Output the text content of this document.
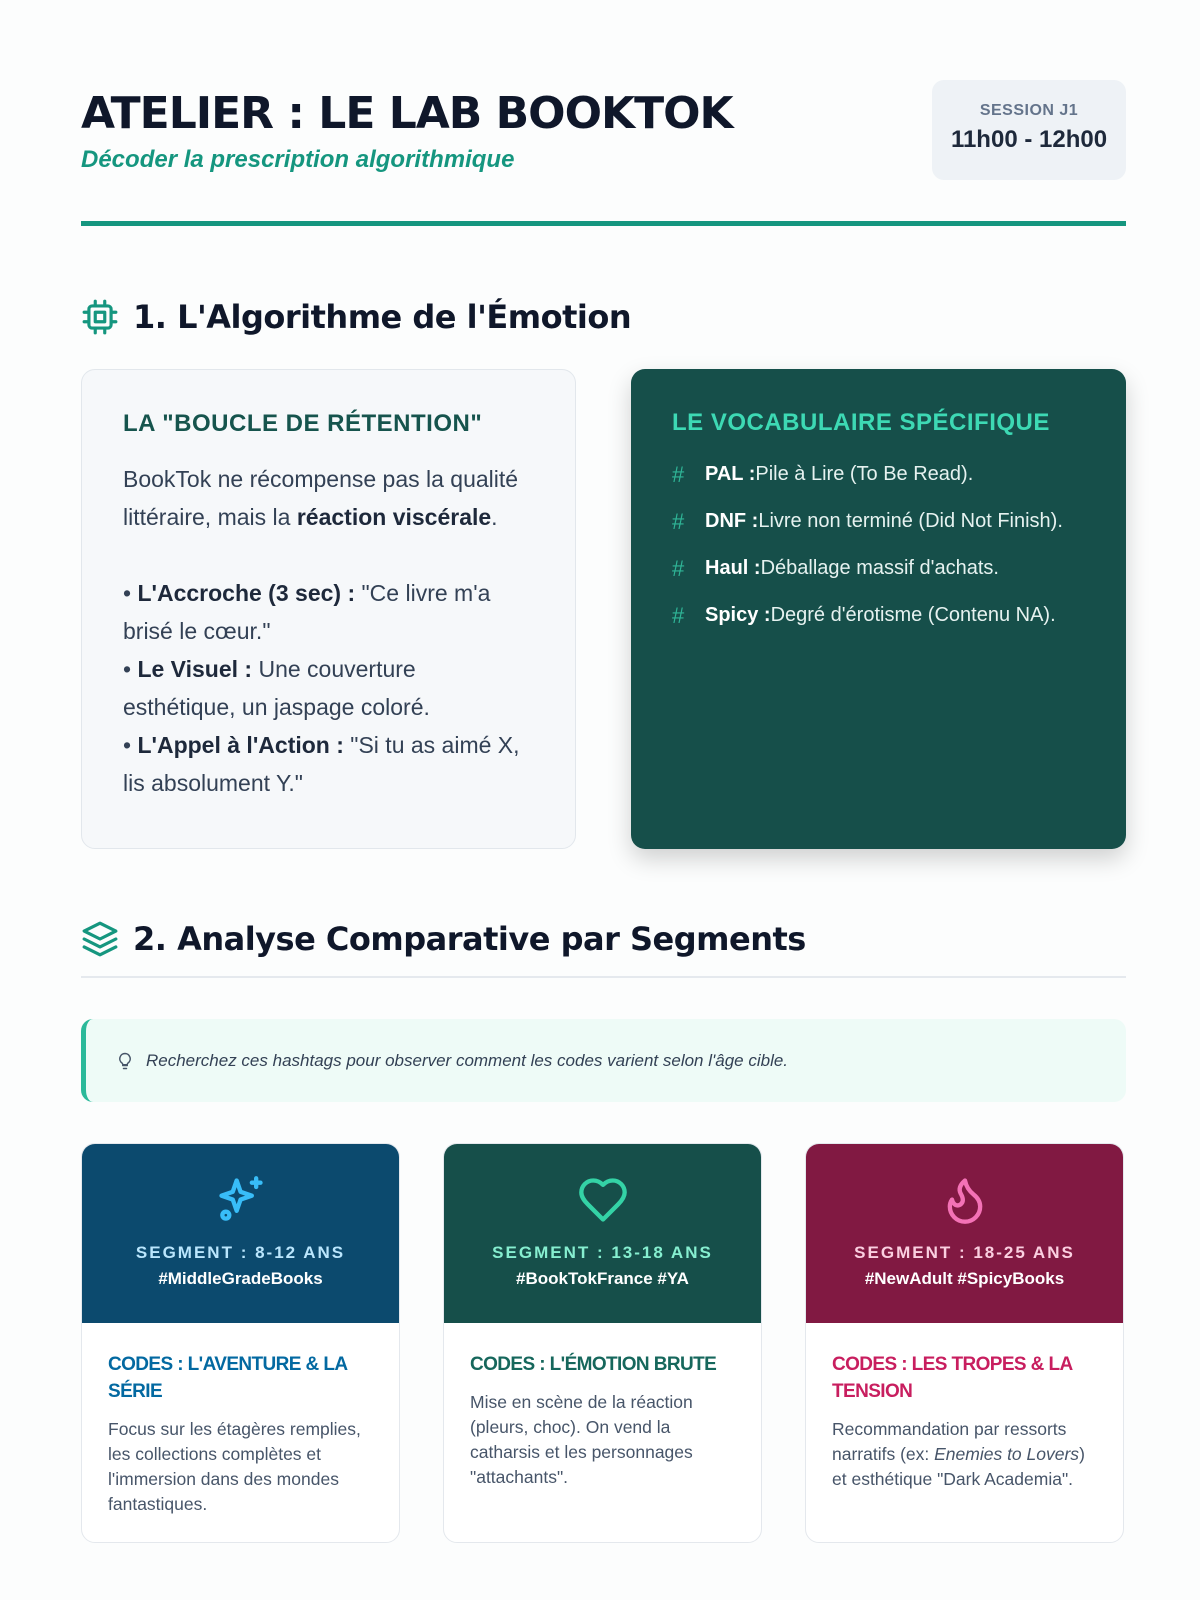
ATELIER : LE LAB BOOKTOK
Décoder la prescription algorithmique
SESSION J1
11h00 - 12h00
1. L'Algorithme de l'Émotion
LA "BOUCLE DE RÉTENTION"

BookTok ne récompense pas la qualité littéraire, mais la réaction viscérale.

• L'Accroche (3 sec) : "Ce livre m'a brisé le cœur."
• Le Visuel : Une couverture esthétique, un jaspage coloré.
• L'Appel à l'Action : "Si tu as aimé X, lis absolument Y."
LE VOCABULAIRE SPÉCIFIQUE
#	PAL : Pile à Lire (To Be Read).
#	DNF : Livre non terminé (Did Not Finish).
#	Haul : Déballage massif d'achats.
#	Spicy : Degré d'érotisme (Contenu NA).
2. Analyse Comparative par Segments
Recherchez ces hashtags pour observer comment les codes varient selon l'âge cible.
SEGMENT : 8-12 ANS
#MiddleGradeBooks
CODES : L'AVENTURE & LA SÉRIE
Focus sur les étagères remplies, les collections complètes et l'immersion dans des mondes fantastiques.
SEGMENT : 13-18 ANS
#BookTokFrance #YA
CODES : L'ÉMOTION BRUTE
Mise en scène de la réaction (pleurs, choc). On vend la catharsis et les personnages "attachants".
SEGMENT : 18-25 ANS
#NewAdult #SpicyBooks
CODES : LES TROPES & LA TENSION
Recommandation par ressorts narratifs (ex: Enemies to Lovers) et esthétique "Dark Academia".
